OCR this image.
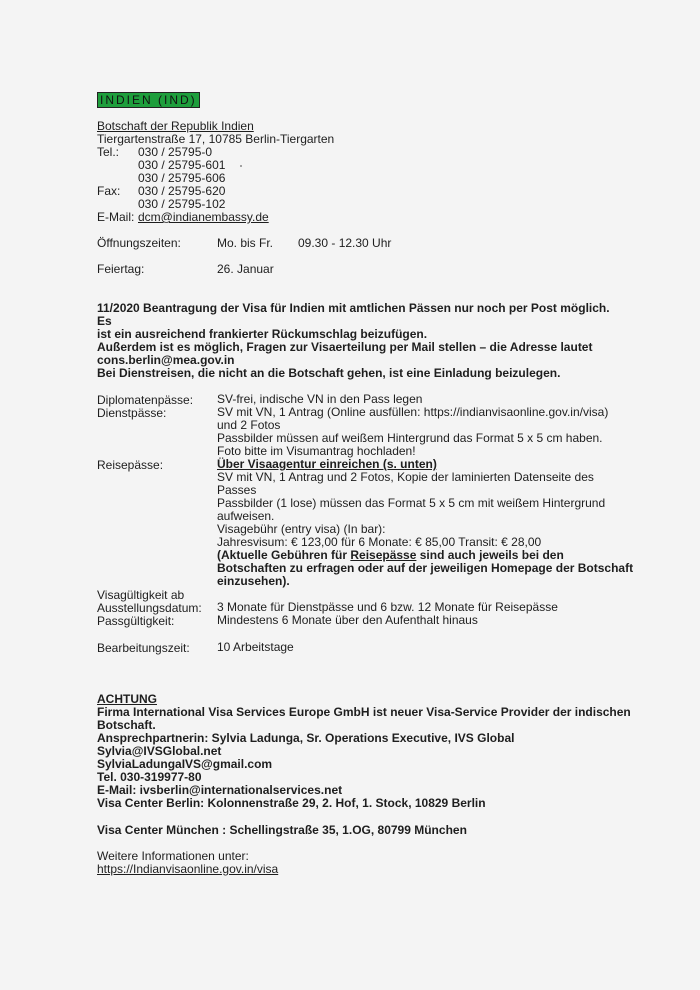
INDIEN (IND)
Botschaft der Republik Indien
Tiergartenstraße 17, 10785 Berlin-Tiergarten
Tel.: 030 / 25795-0
030 / 25795-601
030 / 25795-606
Fax: 030 / 25795-620
030 / 25795-102
E-Mail: dcm@indianembassy.de
Öffnungszeiten:	Mo. bis Fr. 09.30 - 12.30 Uhr
Feiertag:	26. Januar
11/2020 Beantragung der Visa für Indien mit amtlichen Pässen nur noch per Post möglich. Es
ist ein ausreichend frankierter Rückumschlag beizufügen.
Außerdem ist es möglich, Fragen zur Visaerteilung per Mail stellen – die Adresse lautet
cons.berlin@mea.gov.in
Bei Dienstreisen, die nicht an die Botschaft gehen, ist eine Einladung beizulegen.
Diplomatenpässe: SV-frei, indische VN in den Pass legen
Dienstpässe:	SV mit VN, 1 Antrag (Online ausfüllen: https://indianvisaonline.gov.in/visa)
und 2 Fotos
Passbilder müssen auf weißem Hintergrund das Format 5 x 5 cm haben.
Foto bitte im Visumantrag hochladen!
Reisepässe:	Über Visaagentur einreichen (s. unten)
SV mit VN, 1 Antrag und 2 Fotos, Kopie der laminierten Datenseite des
Passes
Passbilder (1 lose) müssen das Format 5 x 5 cm mit weißem Hintergrund
aufweisen.
Visagebühr (entry visa) (In bar):
Jahresvisum: € 123,00 für 6 Monate: € 85,00 Transit: € 28,00
(Aktuelle Gebühren für Reisepässe sind auch jeweils bei den
Botschaften zu erfragen oder auf der jeweiligen Homepage der Botschaft
einzusehen).
Visagültigkeit ab
Ausstellungsdatum: 3 Monate für Dienstpässe und 6 bzw. 12 Monate für Reisepässe
Passgültigkeit:	Mindestens 6 Monate über den Aufenthalt hinaus
Bearbeitungszeit: 10 Arbeitstage
ACHTUNG
Firma International Visa Services Europe GmbH ist neuer Visa-Service Provider der indischen
Botschaft.
Ansprechpartnerin: Sylvia Ladunga, Sr. Operations Executive, IVS Global
Sylvia@IVSGlobal.net
SylviaLadungaIVS@gmail.com
Tel. 030-319977-80
E-Mail: ivsberlin@internationalservices.net
Visa Center Berlin: Kolonnenstraße 29, 2. Hof, 1. Stock, 10829 Berlin
Visa Center München : Schellingstraße 35, 1.OG, 80799 München
Weitere Informationen unter:
https://Indianvisaonline.gov.in/visa
